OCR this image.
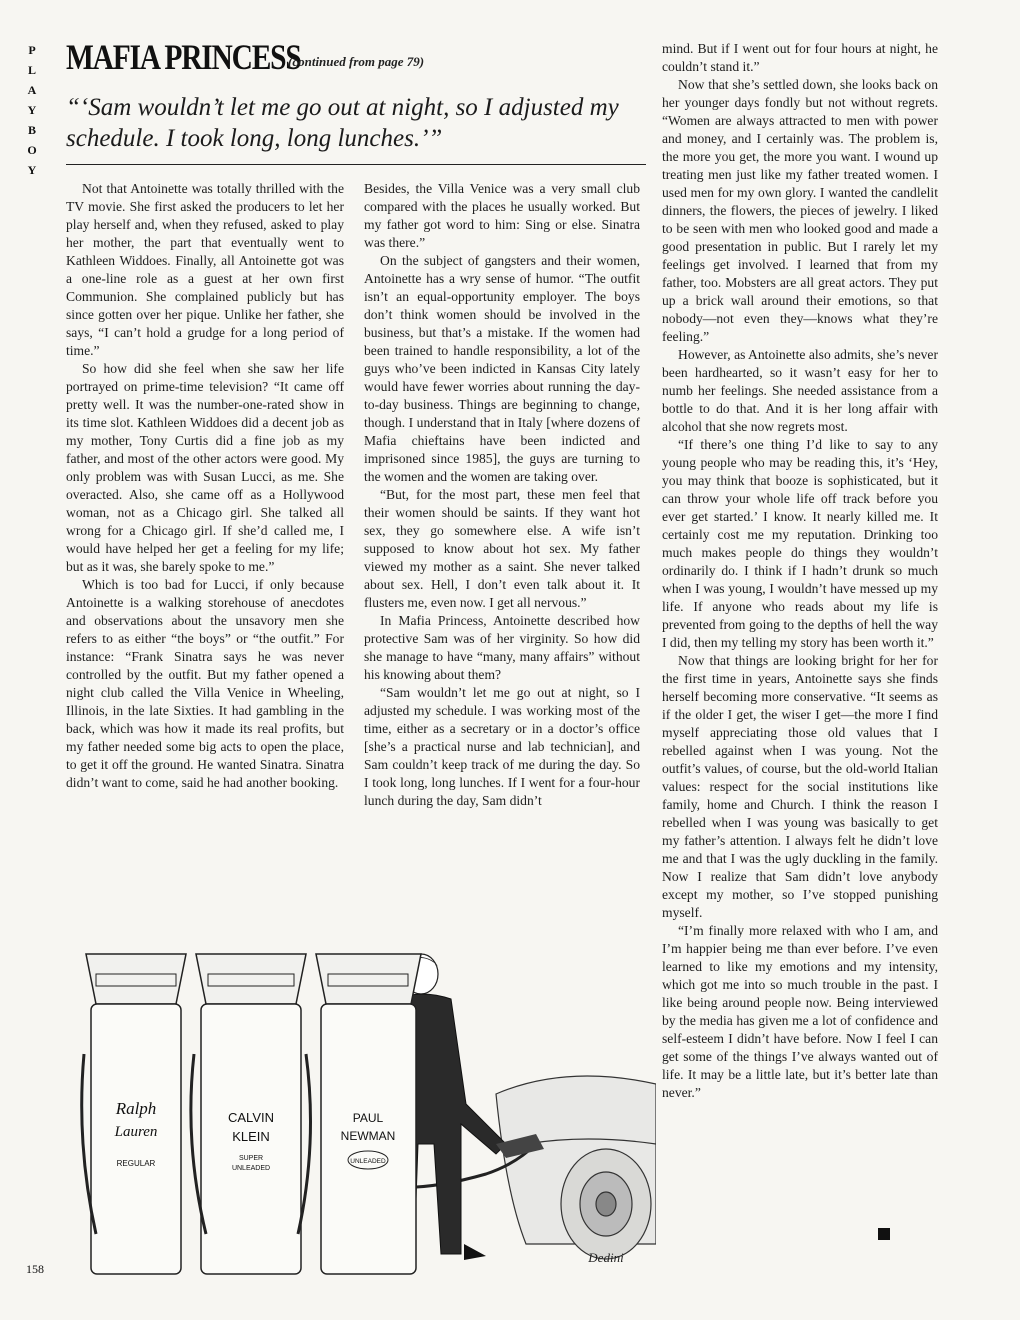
P
L
A
Y
B
O
Y
MAFIA PRINCESS
(continued from page 79)
“‘Sam wouldn’t let me go out at night, so I adjusted my schedule. I took long, long lunches.’”

Not that Antoinette was totally thrilled with the TV movie. She first asked the producers to let her play herself and, when they refused, asked to play her mother, the part that eventually went to Kathleen Widdoes. Finally, all Antoinette got was a one-line role as a guest at her own first Communion. She complained publicly but has since gotten over her pique. Unlike her father, she says, “I can’t hold a grudge for a long period of time.”

So how did she feel when she saw her life portrayed on prime-time television? “It came off pretty well. It was the number-one-rated show in its time slot. Kathleen Widdoes did a decent job as my mother, Tony Curtis did a fine job as my father, and most of the other actors were good. My only problem was with Susan Lucci, as me. She overacted. Also, she came off as a Hollywood woman, not as a Chicago girl. She talked all wrong for a Chicago girl. If she’d called me, I would have helped her get a feeling for my life; but as it was, she barely spoke to me.”

Which is too bad for Lucci, if only because Antoinette is a walking storehouse of anecdotes and observations about the unsavory men she refers to as either “the boys” or “the outfit.” For instance: “Frank Sinatra says he was never controlled by the outfit. But my father opened a night club called the Villa Venice in Wheeling, Illinois, in the late Sixties. It had gambling in the back, which was how it made its real profits, but my father needed some big acts to open the place, to get it off the ground. He wanted Sinatra. Sinatra didn’t want to come, said he had another booking.

Besides, the Villa Venice was a very small club compared with the places he usually worked. But my father got word to him: Sing or else. Sinatra was there.”

On the subject of gangsters and their women, Antoinette has a wry sense of humor. “The outfit isn’t an equal-opportunity employer. The boys don’t think women should be involved in the business, but that’s a mistake. If the women had been trained to handle responsibility, a lot of the guys who’ve been indicted in Kansas City lately would have fewer worries about running the day-to-day business. Things are beginning to change, though. I understand that in Italy [where dozens of Mafia chieftains have been indicted and imprisoned since 1985], the guys are turning to the women and the women are taking over.

“But, for the most part, these men feel that their women should be saints. If they want hot sex, they go somewhere else. A wife isn’t supposed to know about hot sex. My father viewed my mother as a saint. She never talked about sex. Hell, I don’t even talk about it. It flusters me, even now. I get all nervous.”

In Mafia Princess, Antoinette described how protective Sam was of her virginity. So how did she manage to have “many, many affairs” without his knowing about them?

“Sam wouldn’t let me go out at night, so I adjusted my schedule. I was working most of the time, either as a secretary or in a doctor’s office [she’s a practical nurse and lab technician], and Sam couldn’t keep track of me during the day. So I took long, long lunches. If I went for a four-hour lunch during the day, Sam didn’t

mind. But if I went out for four hours at night, he couldn’t stand it.”

Now that she’s settled down, she looks back on her younger days fondly but not without regrets. “Women are always attracted to men with power and money, and I certainly was. The problem is, the more you get, the more you want. I wound up treating men just like my father treated women. I used men for my own glory. I wanted the candlelit dinners, the flowers, the pieces of jewelry. I liked to be seen with men who looked good and made a good presentation in public. But I rarely let my feelings get involved. I learned that from my father, too. Mobsters are all great actors. They put up a brick wall around their emotions, so that nobody—not even they—knows what they’re feeling.”

However, as Antoinette also admits, she’s never been hardhearted, so it wasn’t easy for her to numb her feelings. She needed assistance from a bottle to do that. And it is her long affair with alcohol that she now regrets most.

“If there’s one thing I’d like to say to any young people who may be reading this, it’s ‘Hey, you may think that booze is sophisticated, but it can throw your whole life off track before you ever get started.’ I know. It nearly killed me. It certainly cost me my reputation. Drinking too much makes people do things they wouldn’t ordinarily do. I think if I hadn’t drunk so much when I was young, I wouldn’t have messed up my life. If anyone who reads about my life is prevented from going to the depths of hell the way I did, then my telling my story has been worth it.”

Now that things are looking bright for her for the first time in years, Antoinette says she finds herself becoming more conservative. “It seems as if the older I get, the wiser I get—the more I find myself appreciating those old values that I rebelled against when I was young. Not the outfit’s values, of course, but the old-world Italian values: respect for the social institutions like family, home and Church. I think the reason I rebelled when I was young was basically to get my father’s attention. I always felt he didn’t love me and that I was the ugly duckling in the family. Now I realize that Sam didn’t love anybody except my mother, so I’ve stopped punishing myself.

“I’m finally more relaxed with who I am, and I’m happier being me than ever before. I’ve even learned to like my emotions and my intensity, which got me into so much trouble in the past. I like being around people now. Being interviewed by the media has given me a lot of confidence and self-esteem I didn’t have before. Now I feel I can get some of the things I’ve always wanted out of life. It may be a little late, but it’s better late than never.”

Ralph
Lauren
REGULAR
CALVIN
KLEIN
SUPER
UNLEADED
PAUL
NEWMAN
UNLEADED
Dedini
158
